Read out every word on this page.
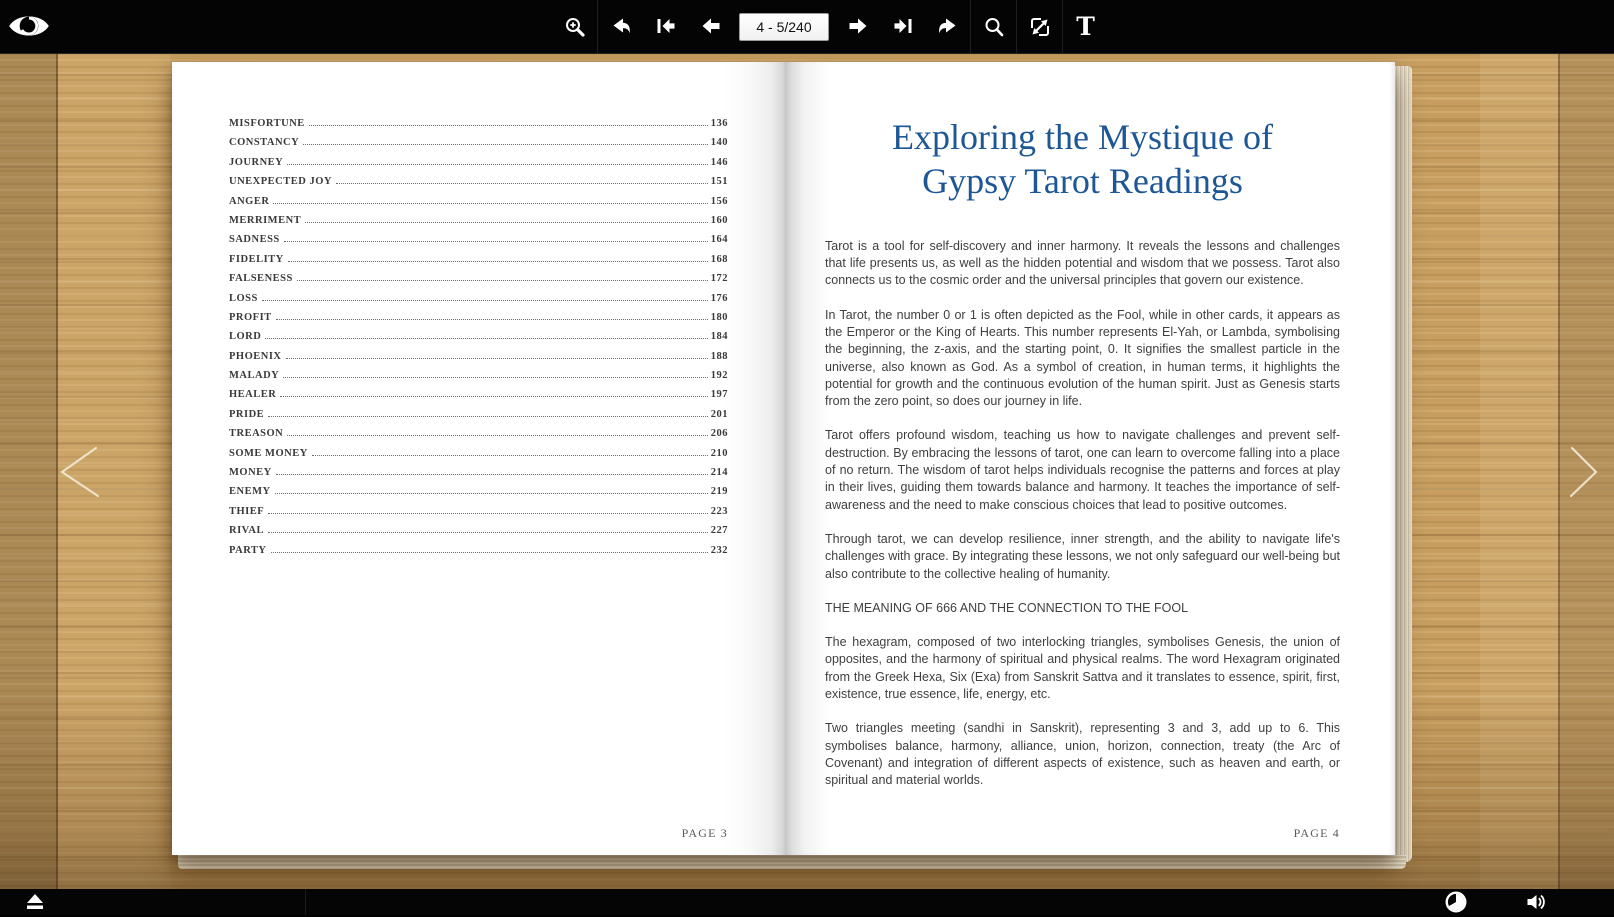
4 - 5/240
T
MISFORTUNE	136
CONSTANCY	140
JOURNEY	146
UNEXPECTED JOY	151
ANGER	156
MERRIMENT	160
SADNESS	164
FIDELITY	168
FALSENESS	172
LOSS	176
PROFIT	180
LORD	184
PHOENIX	188
MALADY	192
HEALER	197
PRIDE	201
TREASON	206
SOME MONEY	210
MONEY	214
ENEMY	219
THIEF	223
RIVAL	227
PARTY	232
PAGE 3
Exploring the Mystique of
Gypsy Tarot Readings

Tarot is a tool for self-discovery and inner harmony. It reveals the lessons and challenges that life presents us, as well as the hidden potential and wisdom that we possess. Tarot also connects us to the cosmic order and the universal principles that govern our existence.

In Tarot, the number 0 or 1 is often depicted as the Fool, while in other cards, it appears as the Emperor or the King of Hearts. This number represents El-Yah, or Lambda, symbolising the beginning, the z-axis, and the starting point, 0. It signifies the smallest particle in the universe, also known as God. As a symbol of creation, in human terms, it highlights the potential for growth and the continuous evolution of the human spirit. Just as Genesis starts from the zero point, so does our journey in life.

Tarot offers profound wisdom, teaching us how to navigate challenges and prevent self-destruction. By embracing the lessons of tarot, one can learn to overcome falling into a place of no return. The wisdom of tarot helps individuals recognise the patterns and forces at play in their lives, guiding them towards balance and harmony. It teaches the importance of self-awareness and the need to make conscious choices that lead to positive outcomes.

Through tarot, we can develop resilience, inner strength, and the ability to navigate life's challenges with grace. By integrating these lessons, we not only safeguard our well-being but also contribute to the collective healing of humanity.

THE MEANING OF 666 AND THE CONNECTION TO THE FOOL

The hexagram, composed of two interlocking triangles, symbolises Genesis, the union of opposites, and the harmony of spiritual and physical realms. The word Hexagram originated from the Greek Hexa, Six (Exa) from Sanskrit Sattva and it translates to essence, spirit, first, existence, true essence, life, energy, etc.

Two triangles meeting (sandhi in Sanskrit), representing 3 and 3, add up to 6. This symbolises balance, harmony, alliance, union, horizon, connection, treaty (the Arc of Covenant) and integration of different aspects of existence, such as heaven and earth, or spiritual and material worlds.

PAGE 4
